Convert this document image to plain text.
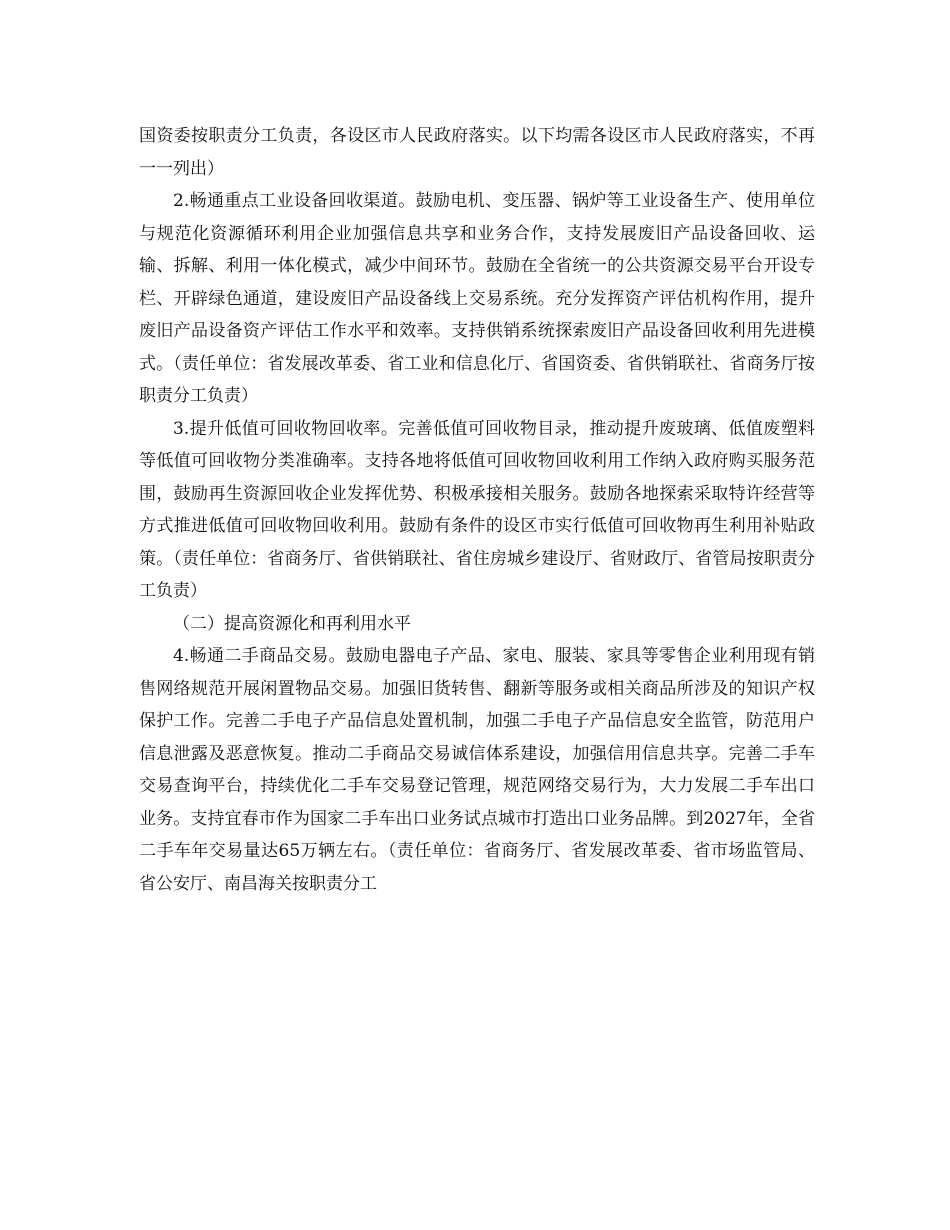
国资委按职责分工负责，各设区市人民政府落实。以下均需各设区市人民政府落实，不再一一列出）

2.畅通重点工业设备回收渠道。鼓励电机、变压器、锅炉等工业设备生产、使用单位与规范化资源循环利用企业加强信息共享和业务合作，支持发展废旧产品设备回收、运输、拆解、利用一体化模式，减少中间环节。鼓励在全省统一的公共资源交易平台开设专栏、开辟绿色通道，建设废旧产品设备线上交易系统。充分发挥资产评估机构作用，提升废旧产品设备资产评估工作水平和效率。支持供销系统探索废旧产品设备回收利用先进模式。（责任单位：省发展改革委、省工业和信息化厅、省国资委、省供销联社、省商务厅按职责分工负责）

3.提升低值可回收物回收率。完善低值可回收物目录，推动提升废玻璃、低值废塑料等低值可回收物分类准确率。支持各地将低值可回收物回收利用工作纳入政府购买服务范围，鼓励再生资源回收企业发挥优势、积极承接相关服务。鼓励各地探索采取特许经营等方式推进低值可回收物回收利用。鼓励有条件的设区市实行低值可回收物再生利用补贴政策。（责任单位：省商务厅、省供销联社、省住房城乡建设厅、省财政厅、省管局按职责分工负责）

（二）提高资源化和再利用水平

4.畅通二手商品交易。鼓励电器电子产品、家电、服装、家具等零售企业利用现有销售网络规范开展闲置物品交易。加强旧货转售、翻新等服务或相关商品所涉及的知识产权保护工作。完善二手电子产品信息处置机制，加强二手电子产品信息安全监管，防范用户信息泄露及恶意恢复。推动二手商品交易诚信体系建设，加强信用信息共享。完善二手车交易查询平台，持续优化二手车交易登记管理，规范网络交易行为，大力发展二手车出口业务。支持宜春市作为国家二手车出口业务试点城市打造出口业务品牌。到2027年，全省二手车年交易量达65万辆左右。（责任单位：省商务厅、省发展改革委、省市场监管局、省公安厅、南昌海关按职责分工
